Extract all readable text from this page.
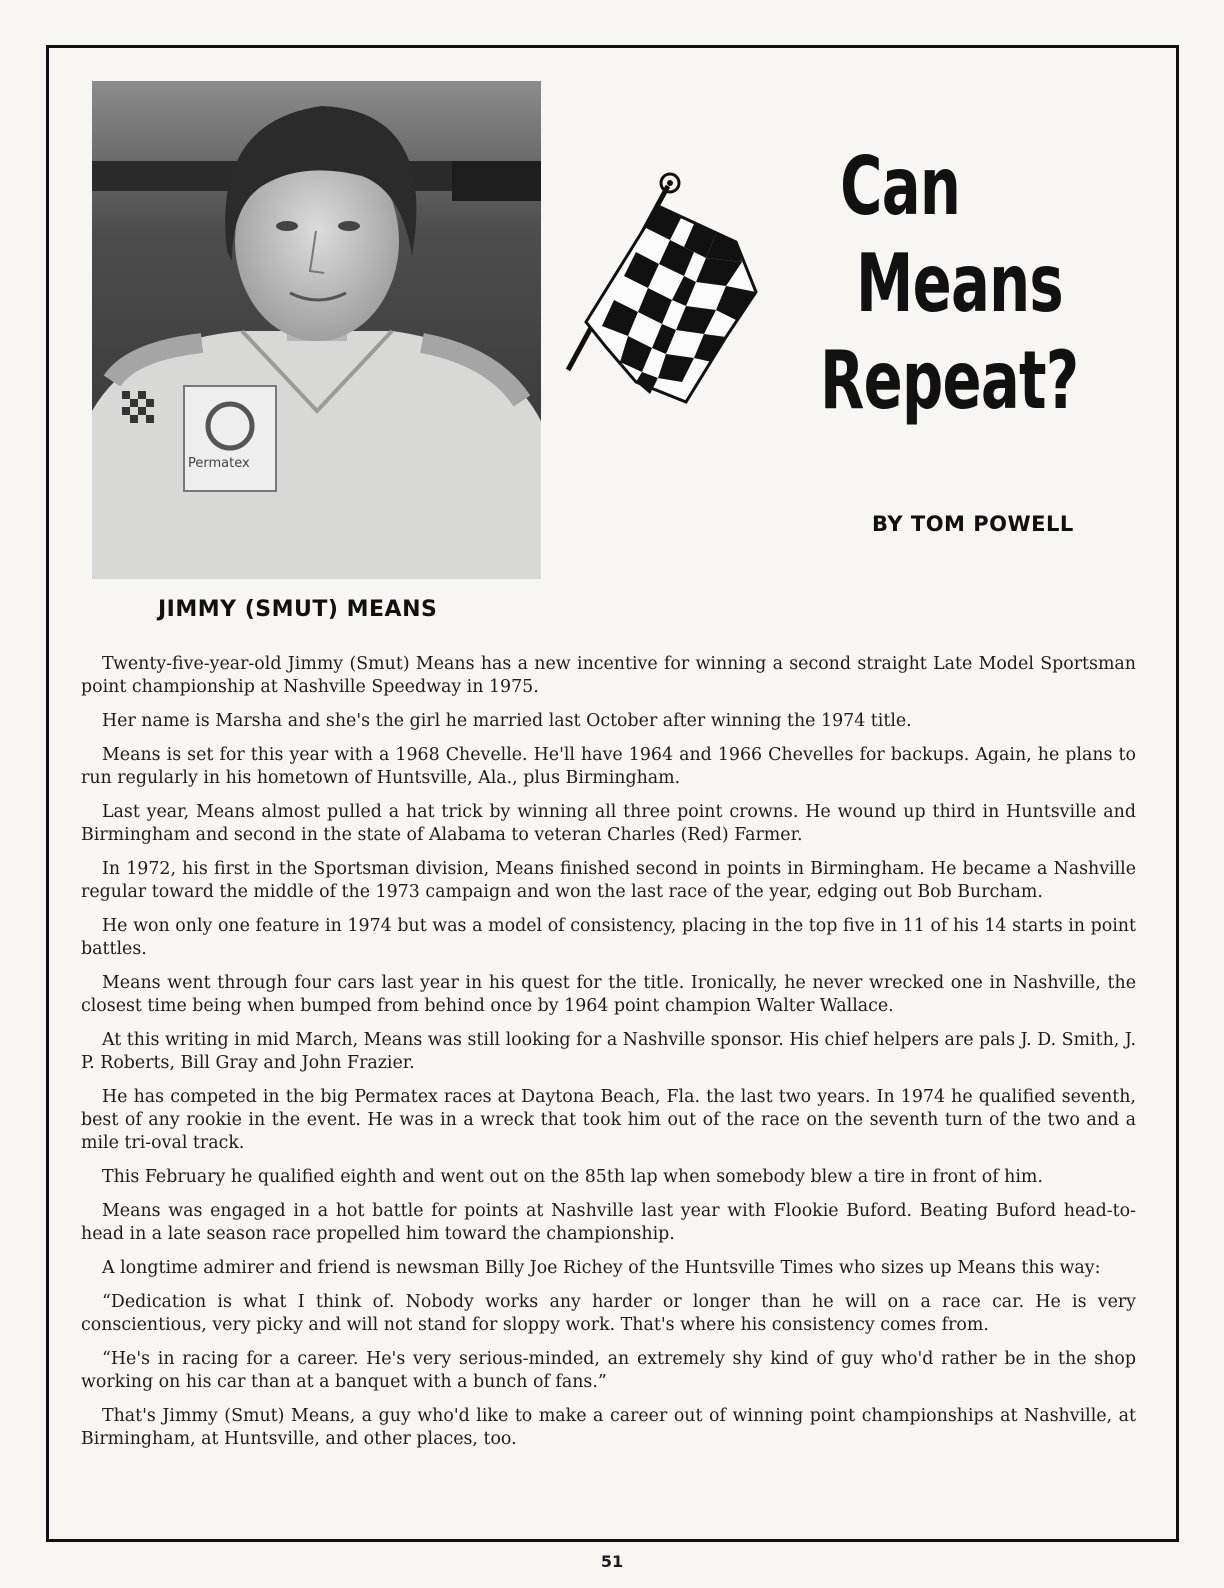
Permatex
JIMMY (SMUT) MEANS
Can
Means
Repeat?
BY TOM POWELL

Twenty-five-year-old Jimmy (Smut) Means has a new incentive for winning a second straight Late Model Sportsman point championship at Nashville Speedway in 1975.

Her name is Marsha and she's the girl he married last October after winning the 1974 title.

Means is set for this year with a 1968 Chevelle. He'll have 1964 and 1966 Chevelles for backups. Again, he plans to run regularly in his hometown of Huntsville, Ala., plus Birmingham.

Last year, Means almost pulled a hat trick by winning all three point crowns. He wound up third in Huntsville and Birmingham and second in the state of Alabama to veteran Charles (Red) Farmer.

In 1972, his first in the Sportsman division, Means finished second in points in Birmingham. He became a Nashville regular toward the middle of the 1973 campaign and won the last race of the year, edging out Bob Burcham.

He won only one feature in 1974 but was a model of consistency, placing in the top five in 11 of his 14 starts in point battles.

Means went through four cars last year in his quest for the title. Ironically, he never wrecked one in Nashville, the closest time being when bumped from behind once by 1964 point champion Walter Wallace.

At this writing in mid March, Means was still looking for a Nashville sponsor. His chief helpers are pals J. D. Smith, J. P. Roberts, Bill Gray and John Frazier.

He has competed in the big Permatex races at Daytona Beach, Fla. the last two years. In 1974 he qualified seventh, best of any rookie in the event. He was in a wreck that took him out of the race on the seventh turn of the two and a mile tri-oval track.

This February he qualified eighth and went out on the 85th lap when somebody blew a tire in front of him.

Means was engaged in a hot battle for points at Nashville last year with Flookie Buford. Beating Buford head-to-head in a late season race propelled him toward the championship.

A longtime admirer and friend is newsman Billy Joe Richey of the Huntsville Times who sizes up Means this way:

“Dedication is what I think of. Nobody works any harder or longer than he will on a race car. He is very conscientious, very picky and will not stand for sloppy work. That's where his consistency comes from.

“He's in racing for a career. He's very serious-minded, an extremely shy kind of guy who'd rather be in the shop working on his car than at a banquet with a bunch of fans.”

That's Jimmy (Smut) Means, a guy who'd like to make a career out of winning point championships at Nashville, at Birmingham, at Huntsville, and other places, too.

51
